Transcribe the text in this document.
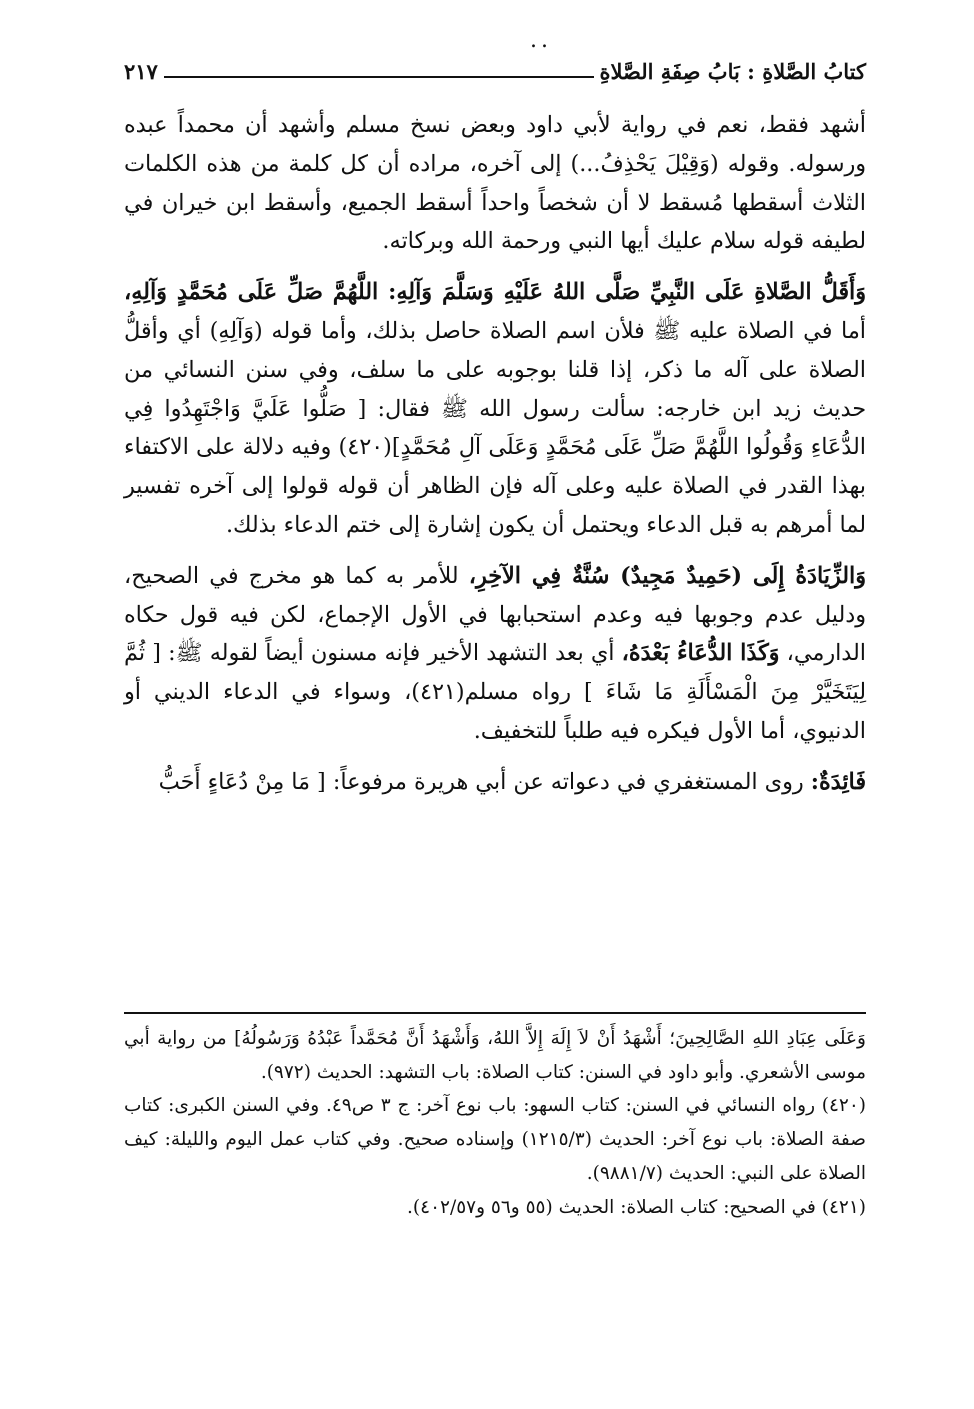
..
كتابُ الصَّلاةِ : بَابُ صِفَةِ الصَّلاةِ
٢١٧

أشهد فقط، نعم في رواية لأبي داود وبعض نسخ مسلم وأشهد أن محمداً عبده ورسوله. وقوله (وَقِيْلَ يَحْذِفُ...) إلى آخره، مراده أن كل كلمة من هذه الكلمات الثلاث أسقطها مُسقط لا أن شخصاً واحداً أسقط الجميع، وأسقط ابن خيران في لطيفه قوله سلام عليك أيها النبي ورحمة الله وبركاته.

وَأَقَلُّ الصَّلاةِ عَلَى النَّبِيِّ صَلَّى اللهُ عَلَيْهِ وَسَلَّمَ وَآلِهِ: اللَّهُمَّ صَلِّ عَلَى مُحَمَّدٍ وَآلِهِ، أما في الصلاة عليه ﷺ فلأن اسم الصلاة حاصل بذلك، وأما قوله (وَآلِهِ) أي وأقلُّ الصلاة على آله ما ذكر، إذا قلنا بوجوبه على ما سلف، وفي سنن النسائي من حديث زيد ابن خارجه: سألت رسول الله ﷺ فقال: [ صَلُّوا عَلَيَّ وَاجْتَهِدُوا فِي الدُّعَاءِ وَقُولُوا اللَّهُمَّ صَلِّ عَلَى مُحَمَّدٍ وَعَلَى آلِ مُحَمَّدٍ](٤٢٠) وفيه دلالة على الاكتفاء بهذا القدر في الصلاة عليه وعلى آله فإن الظاهر أن قوله قولوا إلى آخره تفسير لما أمرهم به قبل الدعاء ويحتمل أن يكون إشارة إلى ختم الدعاء بذلك.

وَالزِّيَادَةُ إِلَى (حَمِيدٌ مَجِيدٌ) سُنَّةٌ فِي الآخِرِ، للأمر به كما هو مخرج في الصحيح، ودليل عدم وجوبها فيه وعدم استحبابها في الأول الإجماع، لكن فيه قول حكاه الدارمي، وَكَذَا الدُّعَاءُ بَعْدَهُ، أي بعد التشهد الأخير فإنه مسنون أيضاً لقوله ﷺ: [ ثُمَّ لِيَتَخَيَّرْ مِنَ الْمَسْأَلَةِ مَا شَاءَ ] رواه مسلم(٤٢١)، وسواء في الدعاء الديني أو الدنيوي، أما الأول فيكره فيه طلباً للتخفيف.

فَائِدَةٌ: روى المستغفري في دعواته عن أبي هريرة مرفوعاً: [ مَا مِنْ دُعَاءٍ أَحَبُّ

وَعَلَى عِبَادِ اللهِ الصَّالِحِينَ؛ أَشْهَدُ أَنْ لاَ إِلَهَ إِلاَّ اللهُ، وَأَشْهَدُ أَنَّ مُحَمَّداً عَبْدُهُ وَرَسُولُهُ] من رواية أبي موسى الأشعري. وأبو داود في السنن: كتاب الصلاة: باب التشهد: الحديث (٩٧٢).

(٤٢٠) رواه النسائي في السنن: كتاب السهو: باب نوع آخر: ج ٣ ص٤٩. وفي السنن الكبرى: كتاب صفة الصلاة: باب نوع آخر: الحديث (١٢١٥/٣) وإسناده صحيح. وفي كتاب عمل اليوم والليلة: كيف الصلاة على النبي: الحديث (٩٨٨١/٧).

(٤٢١) في الصحيح: كتاب الصلاة: الحديث (٥٥ و٥٦ و٤٠٢/٥٧).
